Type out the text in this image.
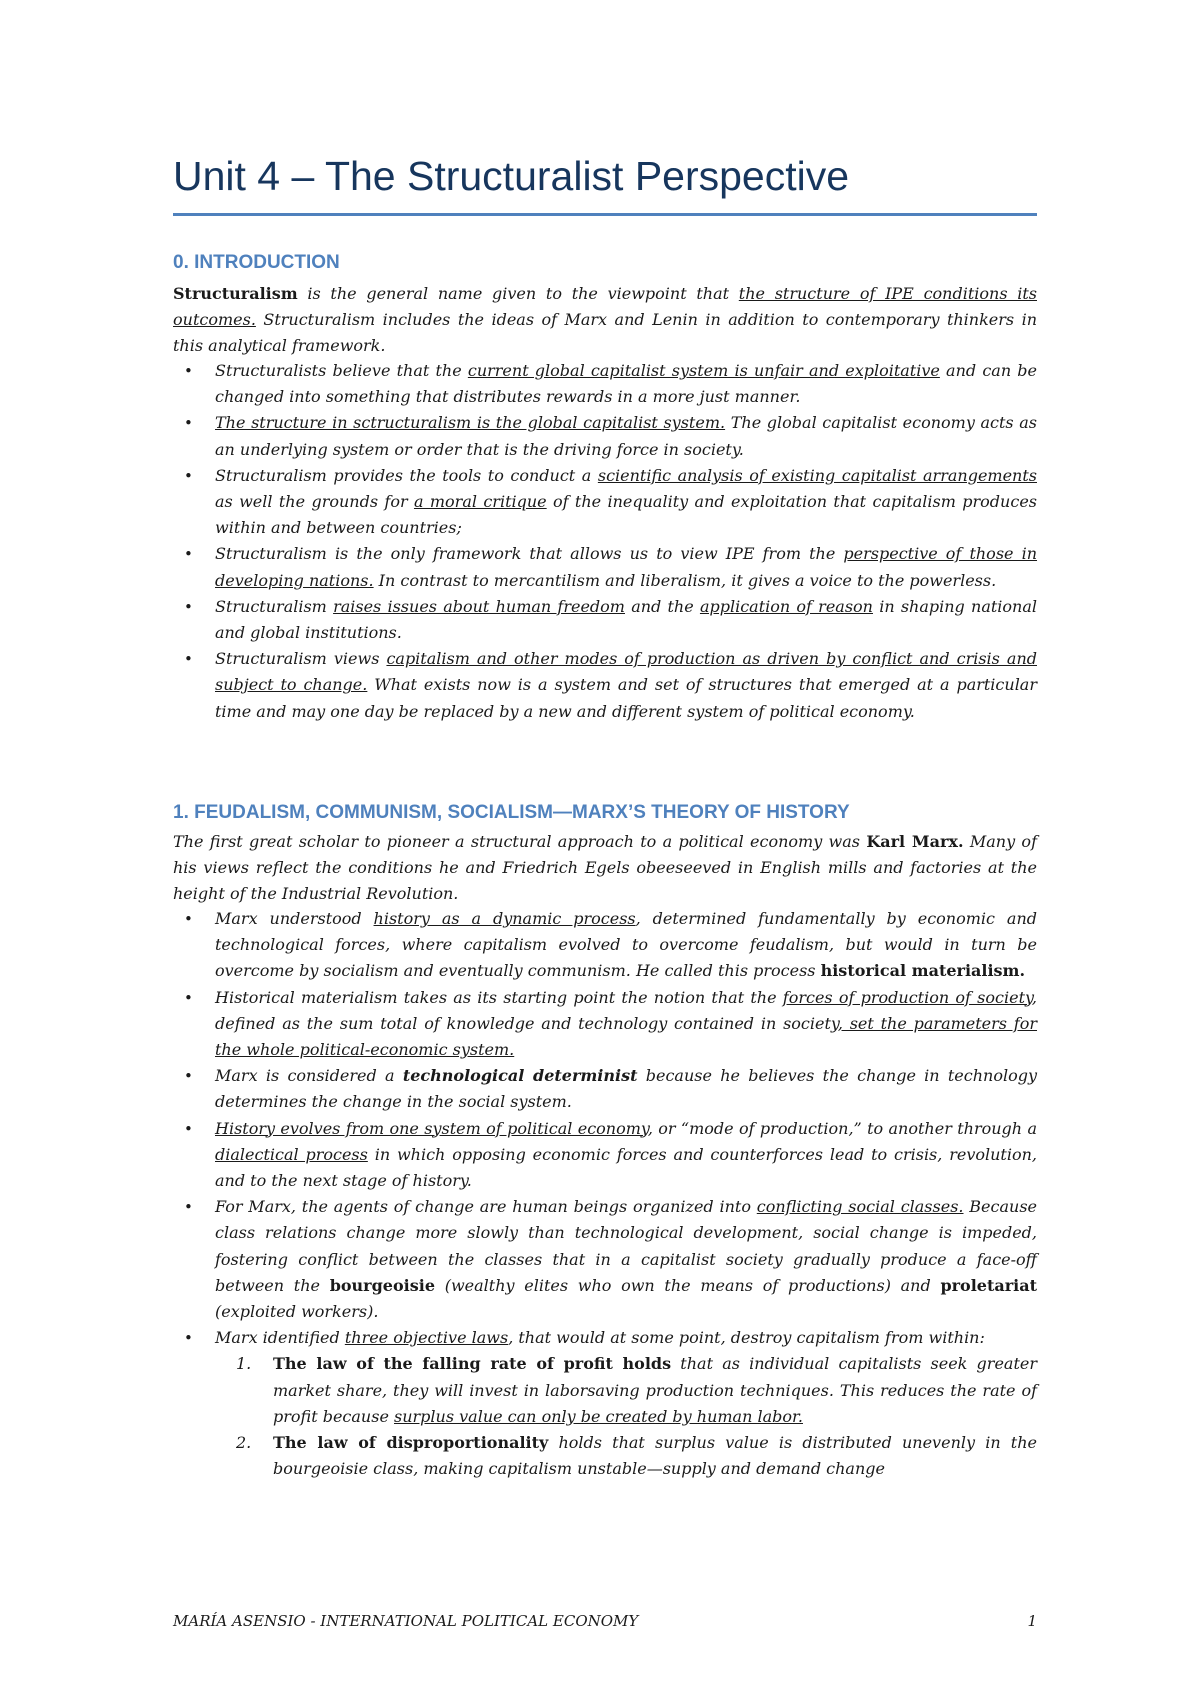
Unit 4 – The Structuralist Perspective
0. INTRODUCTION

Structuralism is the general name given to the viewpoint that the structure of IPE conditions its outcomes. Structuralism includes the ideas of Marx and Lenin in addition to contemporary thinkers in this analytical framework.

• Structuralists believe that the current global capitalist system is unfair and exploitative and can be changed into something that distributes rewards in a more just manner.
• The structure in sctructuralism is the global capitalist system. The global capitalist economy acts as an underlying system or order that is the driving force in society.
• Structuralism provides the tools to conduct a scientific analysis of existing capitalist arrangements as well the grounds for a moral critique of the inequality and exploitation that capitalism produces within and between countries;
• Structuralism is the only framework that allows us to view IPE from the perspective of those in developing nations. In contrast to mercantilism and liberalism, it gives a voice to the powerless.
• Structuralism raises issues about human freedom and the application of reason in shaping national and global institutions.
• Structuralism views capitalism and other modes of production as driven by conflict and crisis and subject to change. What exists now is a system and set of structures that emerged at a particular time and may one day be replaced by a new and different system of political economy.
1. FEUDALISM, COMMUNISM, SOCIALISM—MARX’S THEORY OF HISTORY

The first great scholar to pioneer a structural approach to a political economy was Karl Marx. Many of his views reflect the conditions he and Friedrich Egels obeeseeved in English mills and factories at the height of the Industrial Revolution.

• Marx understood history as a dynamic process, determined fundamentally by economic and technological forces, where capitalism evolved to overcome feudalism, but would in turn be overcome by socialism and eventually communism. He called this process historical materialism.
• Historical materialism takes as its starting point the notion that the forces of production of society, defined as the sum total of knowledge and technology contained in society, set the parameters for the whole political-economic system.
• Marx is considered a technological determinist because he believes the change in technology determines the change in the social system.
• History evolves from one system of political economy, or “mode of production,” to another through a dialectical process in which opposing economic forces and counterforces lead to crisis, revolution, and to the next stage of history.
• For Marx, the agents of change are human beings organized into conflicting social classes. Because class relations change more slowly than technological development, social change is impeded, fostering conflict between the classes that in a capitalist society gradually produce a face-off between the bourgeoisie (wealthy elites who own the means of productions) and proletariat (exploited workers).
• Marx identified three objective laws, that would at some point, destroy capitalism from within:
1. The law of the falling rate of profit holds that as individual capitalists seek greater market share, they will invest in laborsaving production techniques. This reduces the rate of profit because surplus value can only be created by human labor.
2. The law of disproportionality holds that surplus value is distributed unevenly in the bourgeoisie class, making capitalism unstable—supply and demand change
MARÍA ASENSIO - INTERNATIONAL POLITICAL ECONOMY	1
